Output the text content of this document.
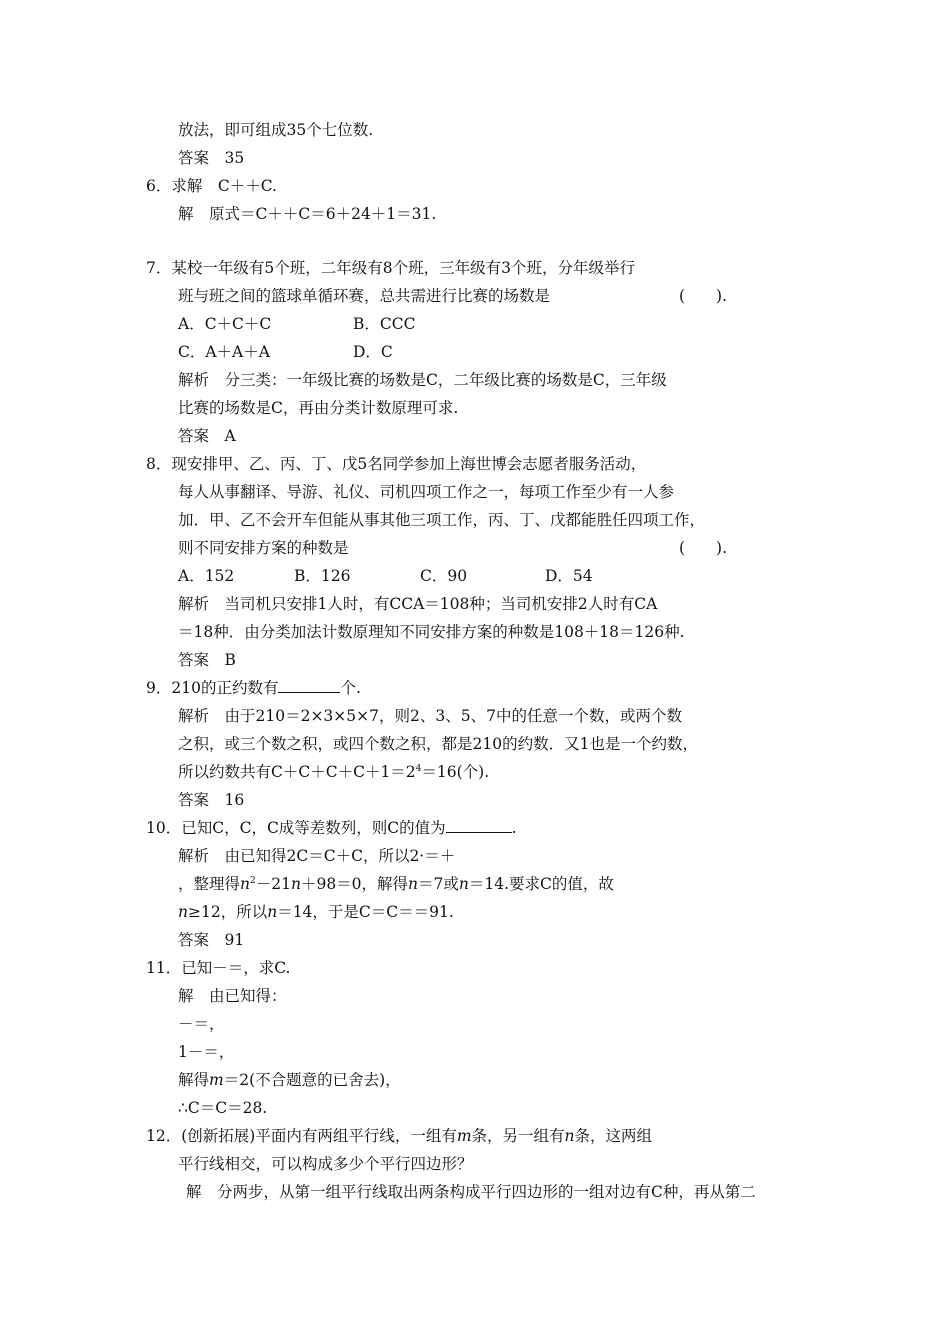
放法，即可组成35个七位数.
答案　35
6．求解　C＋＋C.
解　原式＝C＋＋C＝6＋24＋1＝31.
7．某校一年级有5个班，二年级有8个班，三年级有3个班，分年级举行
班与班之间的篮球单循环赛，总共需进行比赛的场数是	(　　).
A．C＋C＋C	B．CCC
C．A＋A＋A	D．C
解析　分三类：一年级比赛的场数是C，二年级比赛的场数是C，三年级
比赛的场数是C，再由分类计数原理可求.
答案　A
8．现安排甲、乙、丙、丁、戊5名同学参加上海世博会志愿者服务活动，
每人从事翻译、导游、礼仪、司机四项工作之一，每项工作至少有一人参
加．甲、乙不会开车但能从事其他三项工作，丙、丁、戊都能胜任四项工作，
则不同安排方案的种数是	(　　).
A．152	B．126	C．90	D．54
解析　当司机只安排1人时，有CCA＝108种；当司机安排2人时有CA
＝18种．由分类加法计数原理知不同安排方案的种数是108＋18＝126种.
答案　B
9．210的正约数有	个.
解析　由于210＝2×3×5×7，则2、3、5、7中的任意一个数，或两个数
之积，或三个数之积，或四个数之积，都是210的约数．又1也是一个约数，
所以约数共有$C+C+C+C+1=2^4=16$(个).
答案　16
10．已知C，C，C成等差数列，则C的值为	.
解析　由已知得2C＝C＋C，所以2·＝＋
，整理得$n^2-21n+98=0$，解得n＝7或n＝14.要求C的值，故
n≥12，所以n＝14，于是C＝C＝＝91.
答案　91
11．已知－＝，求C.
解　由已知得：
－＝，
1－＝，
解得m＝2(不合题意的已舍去)，
∴C＝C＝28.
12．(创新拓展)平面内有两组平行线，一组有m条，另一组有n条，这两组
平行线相交，可以构成多少个平行四边形？
解　分两步，从第一组平行线取出两条构成平行四边形的一组对边有C种，再从第二
